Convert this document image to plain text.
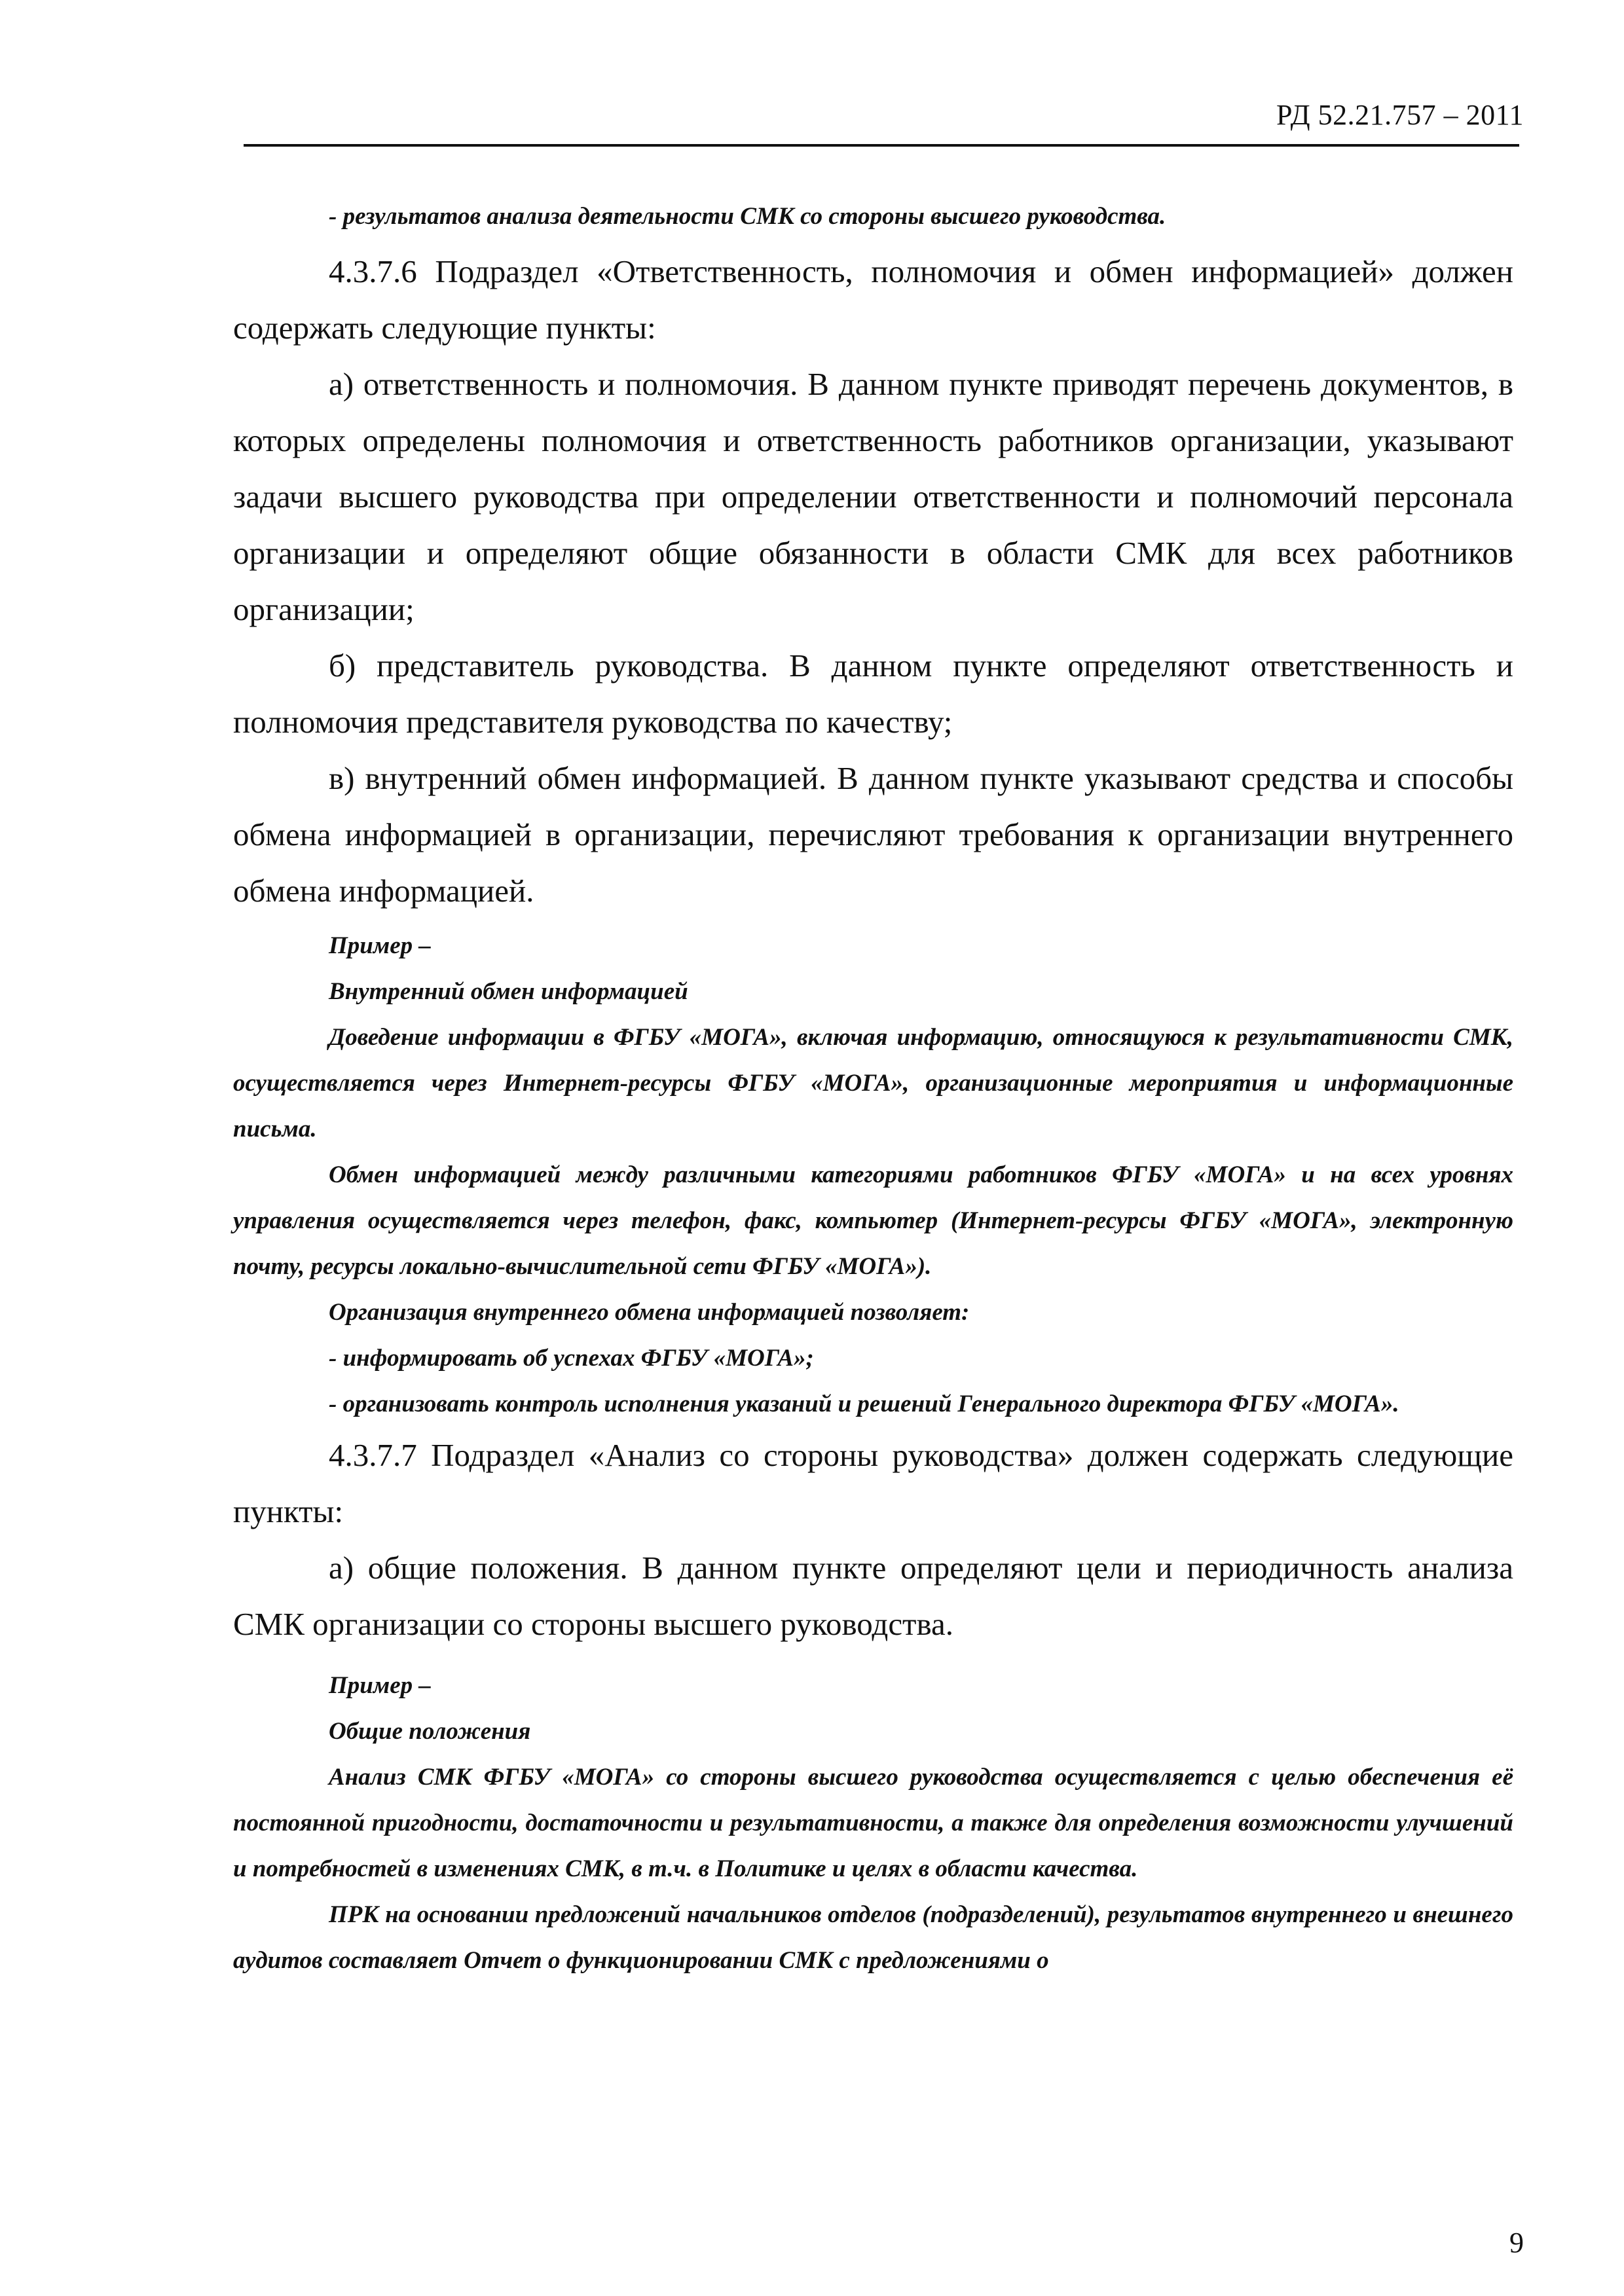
РД 52.21.757 – 2011

- результатов анализа деятельности СМК со стороны высшего руководства.

4.3.7.6 Подраздел «Ответственность, полномочия и обмен информацией» должен содержать следующие пункты:

а) ответственность и полномочия. В данном пункте приводят перечень документов, в которых определены полномочия и ответственность работников организации, указывают задачи высшего руководства при определении ответственности и полномочий персонала организации и определяют общие обязанности в области СМК для всех работников организации;

б) представитель руководства. В данном пункте определяют ответственность и полномочия представителя руководства по качеству;

в) внутренний обмен информацией. В данном пункте указывают средства и способы обмена информацией в организации, перечисляют требования к организации внутреннего обмена информацией.

Пример –

Внутренний обмен информацией

Доведение информации в ФГБУ «МОГА», включая информацию, относящуюся к результативности СМК, осуществляется через Интернет-ресурсы ФГБУ «МОГА», организационные мероприятия и информационные письма.

Обмен информацией между различными категориями работников ФГБУ «МОГА» и на всех уровнях управления осуществляется через телефон, факс, компьютер (Интернет-ресурсы ФГБУ «МОГА», электронную почту, ресурсы локально-вычислительной сети ФГБУ «МОГА»).

Организация внутреннего обмена информацией позволяет:

- информировать об успехах ФГБУ «МОГА»;

- организовать контроль исполнения указаний и решений Генерального директора ФГБУ «МОГА».

4.3.7.7 Подраздел «Анализ со стороны руководства» должен содержать следующие пункты:

а) общие положения. В данном пункте определяют цели и периодичность анализа СМК организации со стороны высшего руководства.

Пример –

Общие положения

Анализ СМК ФГБУ «МОГА» со стороны высшего руководства осуществляется с целью обеспечения её постоянной пригодности, достаточности и результативности, а также для определения возможности улучшений и потребностей в изменениях СМК, в т.ч. в Политике и целях в области качества.

ПРК на основании предложений начальников отделов (подразделений), результатов внутреннего и внешнего аудитов составляет Отчет о функционировании СМК с предложениями о

9
